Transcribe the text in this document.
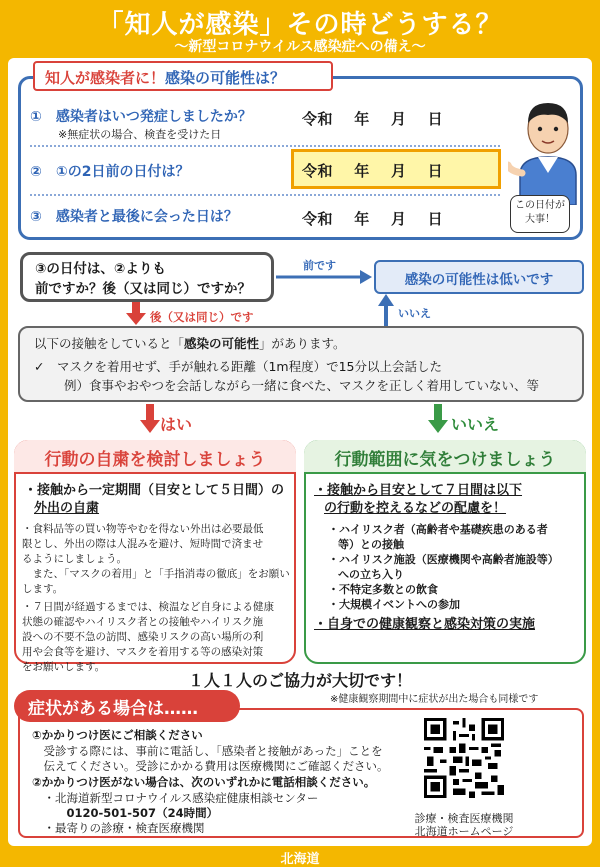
「知人が感染」その時どうする？
～新型コロナウイルス感染症への備え～
知人が感染者に！感染の可能性は？
①　 感染者はいつ発症しましたか？
※無症状の場合、検査を受けた日
令和　 年　 月　 日
②　 ①の2日前の日付は？	令和　 年　 月　 日
③　 感染者と最後に会った日は？	令和　 年　 月　 日
この日付が
大事！
③の日付は、②よりも
前ですか？後（又は同じ）ですか？
前です
感染の可能性は低いです
いいえ
後（又は同じ）です
以下の接触をしていると「感染の可能性」があります。
✓　マスクを着用せず、手が触れる距離（1m程度）で15分以上会話した
例）食事やおやつを会話しながら一緒に食べた、マスクを正しく着用していない、等
はい	いいえ
行動の自粛を検討しましょう
・接触から一定期間（目安として５日間）の
外出の自粛
・食料品等の買い物等やむを得ない外出は必要最低
限とし、外出の際は人混みを避け、短時間で済ませ
るようにしましょう。
　また、「マスクの着用」と「手指消毒の徹底」をお願い
します。
・７日間が経過するまでは、検温など自身による健康
状態の確認やハイリスク者との接触やハイリスク施
設への不要不急の訪問、感染リスクの高い場所の利
用や会食等を避け、マスクを着用する等の感染対策
をお願いします。
行動範囲に気をつけましょう
・接触から目安として７日間は以下
の行動を控えるなどの配慮を！
・ハイリスク者（高齢者や基礎疾患のある者
等）との接触
・ハイリスク施設（医療機関や高齢者施設等）
への立ち入り
・不特定多数との飲食
・大規模イベントへの参加
・自身での健康観察と感染対策の実施
１人１人のご協力が大切です！
症状がある場合は……	※健康観察期間中に症状が出た場合も同様です
①かかりつけ医にご相談ください
　受診する際には、事前に電話し、「感染者と接触があった」ことを
　伝えてください。受診にかかる費用は医療機関にご確認ください。
②かかりつけ医がない場合は、次のいずれかに電話相談ください。
　・北海道新型コロナウイルス感染症健康相談センター
　　　0120-501-507（24時間）
　・最寄りの診療・検査医療機関
診療・検査医療機関
北海道ホームページ
北海道
